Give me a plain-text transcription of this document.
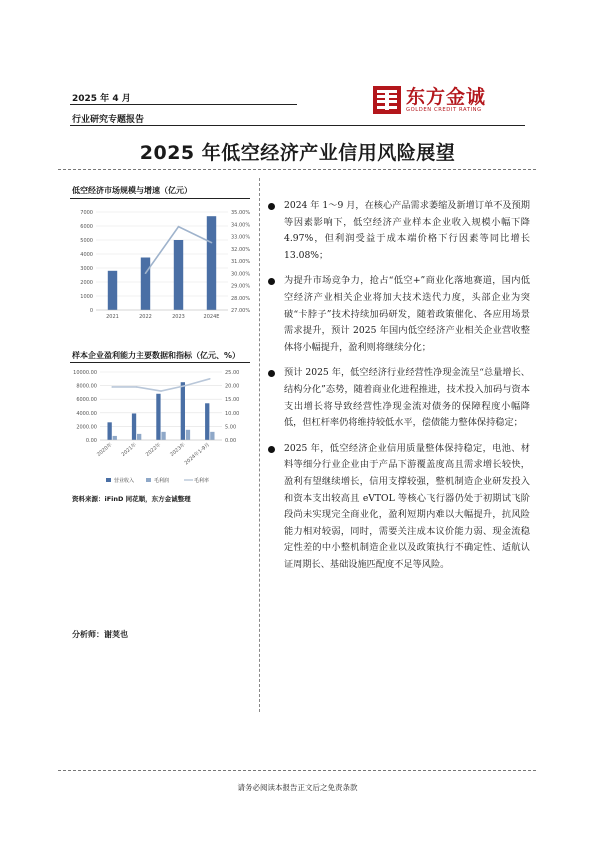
2025 年 4 月
行业研究专题报告
东方金诚
GOLDEN CREDIT RATING
2025 年低空经济产业信用风险展望
低空经济市场规模与增速（亿元）
0
1000
2000
3000
4000
5000
6000
7000
27.00%
28.00%
29.00%
30.00%
31.00%
32.00%
33.00%
34.00%
35.00%
2021	2022	2023	2024E
样本企业盈利能力主要数据和指标（亿元、%）
0.00
2000.00
4000.00
6000.00
8000.00
10000.00
0.00
5.00
10.00
15.00
20.00
25.00
2020年 2021年 2022年 2023年
2024年1-9月
营业收入	毛利润	毛利率
资料来源：iFinD 同花顺，东方金诚整理
分析师：谢荚也
2024 年 1～9 月，在核心产品需求萎缩及新增订单不及预期等因素影响下，低空经济产业样本企业收入规模小幅下降 4.97%，但利润受益于成本端价格下行因素等同比增长 13.08%；
为提升市场竞争力，抢占“低空+”商业化落地赛道，国内低空经济产业相关企业将加大技术迭代力度，头部企业为突破“卡脖子”技术持续加码研发，随着政策催化、各应用场景需求提升，预计 2025 年国内低空经济产业相关企业营收整体将小幅提升，盈利则将继续分化；
预计 2025 年，低空经济行业经营性净现金流呈“总量增长、结构分化”态势，随着商业化进程推进，技术投入加码与资本支出增长将导致经营性净现金流对债务的保障程度小幅降低，但杠杆率仍将维持较低水平，偿债能力整体保持稳定；
2025 年，低空经济企业信用质量整体保持稳定，电池、材料等细分行业企业由于产品下游覆盖度高且需求增长较快，盈利有望继续增长，信用支撑较强，整机制造企业研发投入和资本支出较高且 eVTOL 等核心飞行器仍处于初期试飞阶段尚未实现完全商业化，盈利短期内难以大幅提升，抗风险能力相对较弱，同时，需要关注成本议价能力弱、现金流稳定性差的中小整机制造企业以及政策执行不确定性、适航认证周期长、基础设施匹配度不足等风险。
请务必阅读本报告正文后之免责条款
